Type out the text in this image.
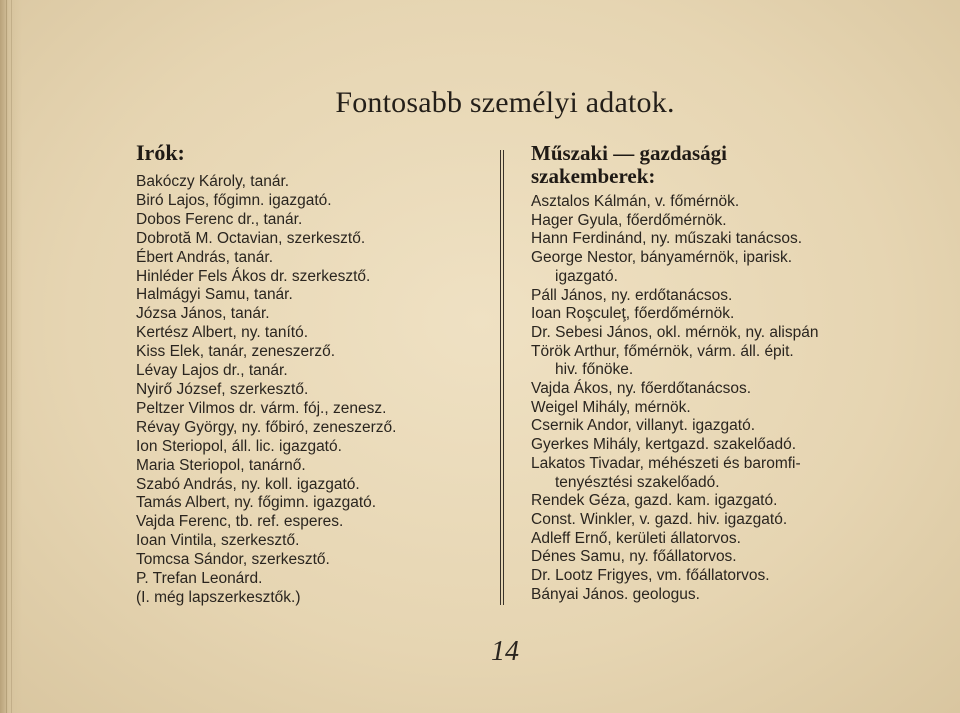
Fontosabb személyi adatok.
Irók:
Bakóczy Károly, tanár.
Biró Lajos, főgimn. igazgató.
Dobos Ferenc dr., tanár.
Dobrotă M. Octavian, szerkesztő.
Ébert András, tanár.
Hinléder Fels Ákos dr. szerkesztő.
Halmágyi Samu, tanár.
Józsa János, tanár.
Kertész Albert, ny. tanító.
Kiss Elek, tanár, zeneszerző.
Lévay Lajos dr., tanár.
Nyirő József, szerkesztő.
Peltzer Vilmos dr. várm. fój., zenesz.
Révay György, ny. főbiró, zeneszerző.
Ion Steriopol, áll. lic. igazgató.
Maria Steriopol, tanárnő.
Szabó András, ny. koll. igazgató.
Tamás Albert, ny. főgimn. igazgató.
Vajda Ferenc, tb. ref. esperes.
Ioan Vintila, szerkesztő.
Tomcsa Sándor, szerkesztő.
P. Trefan Leonárd.
(I. még lapszerkesztők.)
Műszaki — gazdasági
szakemberek:
Asztalos Kálmán, v. főmérnök.
Hager Gyula, főerdőmérnök.
Hann Ferdinánd, ny. műszaki tanácsos.
George Nestor, bányamérnök, iparisk.
igazgató.
Páll János, ny. erdőtanácsos.
Ioan Roşculeţ, főerdőmérnök.
Dr. Sebesi János, okl. mérnök, ny. alispán
Török Arthur, főmérnök, várm. áll. épit.
hiv. főnöke.
Vajda Ákos, ny. főerdőtanácsos.
Weigel Mihály, mérnök.
Csernik Andor, villanyt. igazgató.
Gyerkes Mihály, kertgazd. szakelőadó.
Lakatos Tivadar, méhészeti és baromfi-
tenyésztési szakelőadó.
Rendek Géza, gazd. kam. igazgató.
Const. Winkler, v. gazd. hiv. igazgató.
Adleff Ernő, kerületi állatorvos.
Dénes Samu, ny. főállatorvos.
Dr. Lootz Frigyes, vm. főállatorvos.
Bányai János. geologus.
14
